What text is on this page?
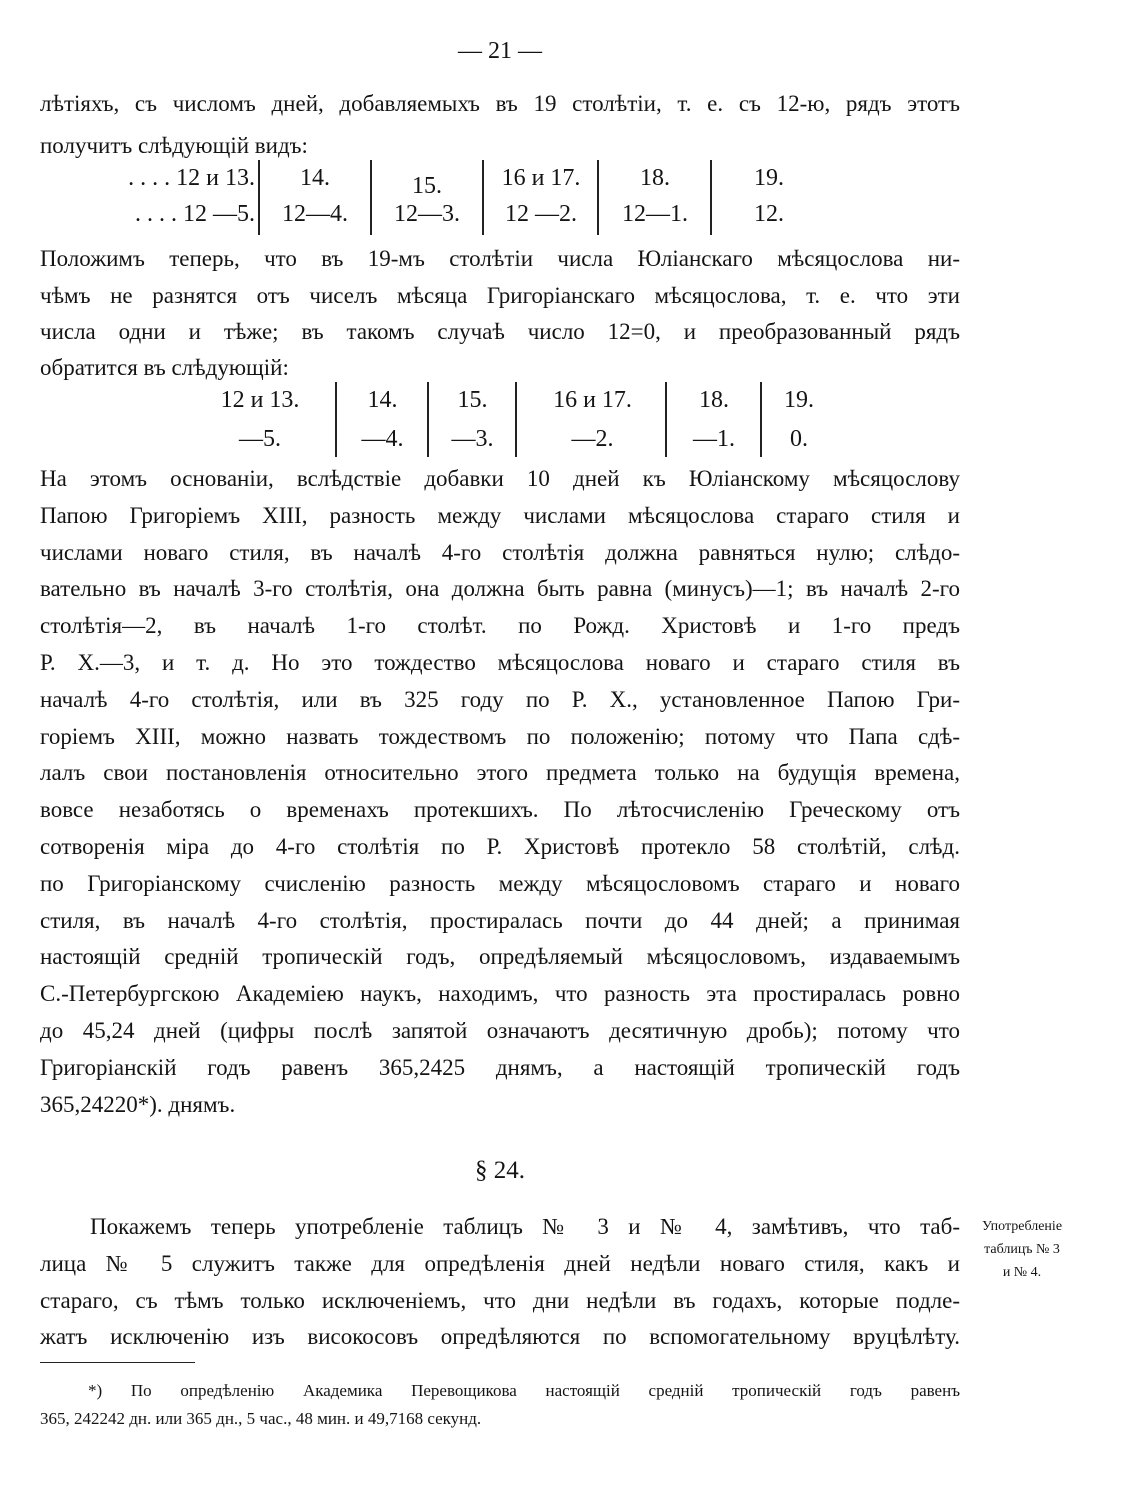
— 21 —
§ 24.
лѣтіяхъ, съ числомъ дней, добавляемыхъ въ 19 столѣтіи, т. е. съ 12-ю, рядъ этотъ
получитъ слѣдующій видъ:
. . . . 12 и 13.	14.	15.	16 и 17.	18.	19.
. . . . 12 —5.	12—4.	12—3.	12 —2.	12—1.	12.
Положимъ теперь, что въ 19-мъ столѣтіи числа Юліанскаго мѣсяцослова ни-
чѣмъ не разнятся отъ чиселъ мѣсяца Григоріанскаго мѣсяцослова, т. е. что эти
числа одни и тѣже; въ такомъ случаѣ число 12=0, и преобразованный рядъ
обратится въ слѣдующій:
12 и 13.	14.	15.	16 и 17.	18.	19.
—5.	—4.	—3.	—2.	—1.	0.
На этомъ основаніи, вслѣдствіе добавки 10 дней къ Юліанскому мѣсяцослову
Папою Григоріемъ XIII, разность между числами мѣсяцослова стараго стиля и
числами новаго стиля, въ началѣ 4-го столѣтія должна равняться нулю; слѣдо-
вательно въ началѣ 3-го столѣтія, она должна быть равна (минусъ)—1; въ началѣ 2-го
столѣтія—2, въ началѣ 1-го столѣт. по Рожд. Христовѣ и 1-го предъ
Р. Х.—3, и т. д. Но это тождество мѣсяцослова новаго и стараго стиля въ
началѣ 4-го столѣтія, или въ 325 году по Р. Х., установленное Папою Гри-
горіемъ XIII, можно назвать тождествомъ по положенію; потому что Папа сдѣ-
лалъ свои постановленія относительно этого предмета только на будущія времена,
вовсе незаботясь о временахъ протекшихъ. По лѣтосчисленію Греческому отъ
сотворенія міра до 4-го столѣтія по Р. Христовѣ протекло 58 столѣтій, слѣд.
по Григоріанскому счисленію разность между мѣсяцословомъ стараго и новаго
стиля, въ началѣ 4-го столѣтія, простиралась почти до 44 дней; а принимая
настоящій средній тропическій годъ, опредѣляемый мѣсяцословомъ, издаваемымъ
С.-Петербургскою Академіею наукъ, находимъ, что разность эта простиралась ровно
до 45,24 дней (цифры послѣ запятой означаютъ десятичную дробь); потому что
Григоріанскій годъ равенъ 365,2425 днямъ, а настоящій тропическій годъ
365,24220*). днямъ.
Покажемъ теперь употребленіе таблицъ № 3 и № 4, замѣтивъ, что таб-
лица № 5 служитъ также для опредѣленія дней недѣли новаго стиля, какъ и
стараго, съ тѣмъ только исключеніемъ, что дни недѣли въ годахъ, которые подле-
жатъ исключенію изъ високосовъ опредѣляются по вспомогательному вруцѣлѣту.
Употребленіе
таблицъ № 3
и № 4.
*) По опредѣленію Академика Перевощикова настоящій средній тропическій годъ равенъ
365, 242242 дн. или 365 дн., 5 час., 48 мин. и 49,7168 секунд.
